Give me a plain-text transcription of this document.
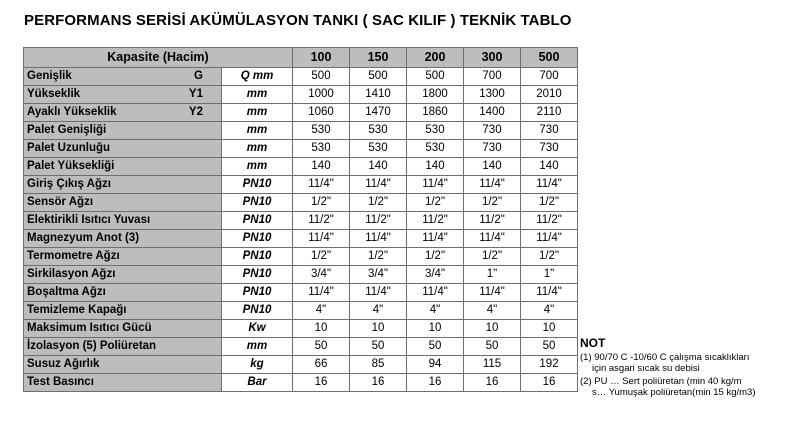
PERFORMANS SERİSİ AKÜMÜLASYON TANKI ( SAC KILIF ) TEKNİK TABLO
Kapasite (Hacim)		100	150	200	300	500
Genişlik G	Q mm	500	500	500	700	700
Yükseklik Y1	mm	1000	1410	1800	1300	2010
Ayaklı Yükseklik Y2	mm	1060	1470	1860	1400	2110
Palet Genişliği	mm	530	530	530	730	730
Palet Uzunluğu	mm	530	530	530	730	730
Palet Yüksekliği	mm	140	140	140	140	140
Giriş Çıkış Ağzı	PN10	11/4"	11/4"	11/4"	11/4"	11/4"
Sensör Ağzı	PN10	1/2"	1/2"	1/2"	1/2"	1/2"
Elektirikli Isıtıcı Yuvası	PN10	11/2"	11/2"	11/2"	11/2"	11/2"
Magnezyum Anot (3)	PN10	11/4"	11/4"	11/4"	11/4"	11/4"
Termometre Ağzı	PN10	1/2"	1/2"	1/2"	1/2"	1/2"
Sirkilasyon Ağzı	PN10	3/4"	3/4"	3/4"	1"	1"
Boşaltma Ağzı	PN10	11/4"	11/4"	11/4"	11/4"	11/4"
Temizleme Kapağı	PN10	4"	4"	4"	4"	4"
Maksimum Isıtıcı Gücü	Kw	10	10	10	10	10
İzolasyon (5) Poliüretan	mm	50	50	50	50	50
Susuz Ağırlık	kg	66	85	94	115	192
Test Basıncı	Bar	16	16	16	16	16
NOT
(1) 90/70 C -10/60 C çalışma sıcaklıkları
için asgari sıcak su debisi
(2) PU … Sert poliüretan (min 40 kg/m
s… Yumuşak poliüretan(min 15 kg/m3)
